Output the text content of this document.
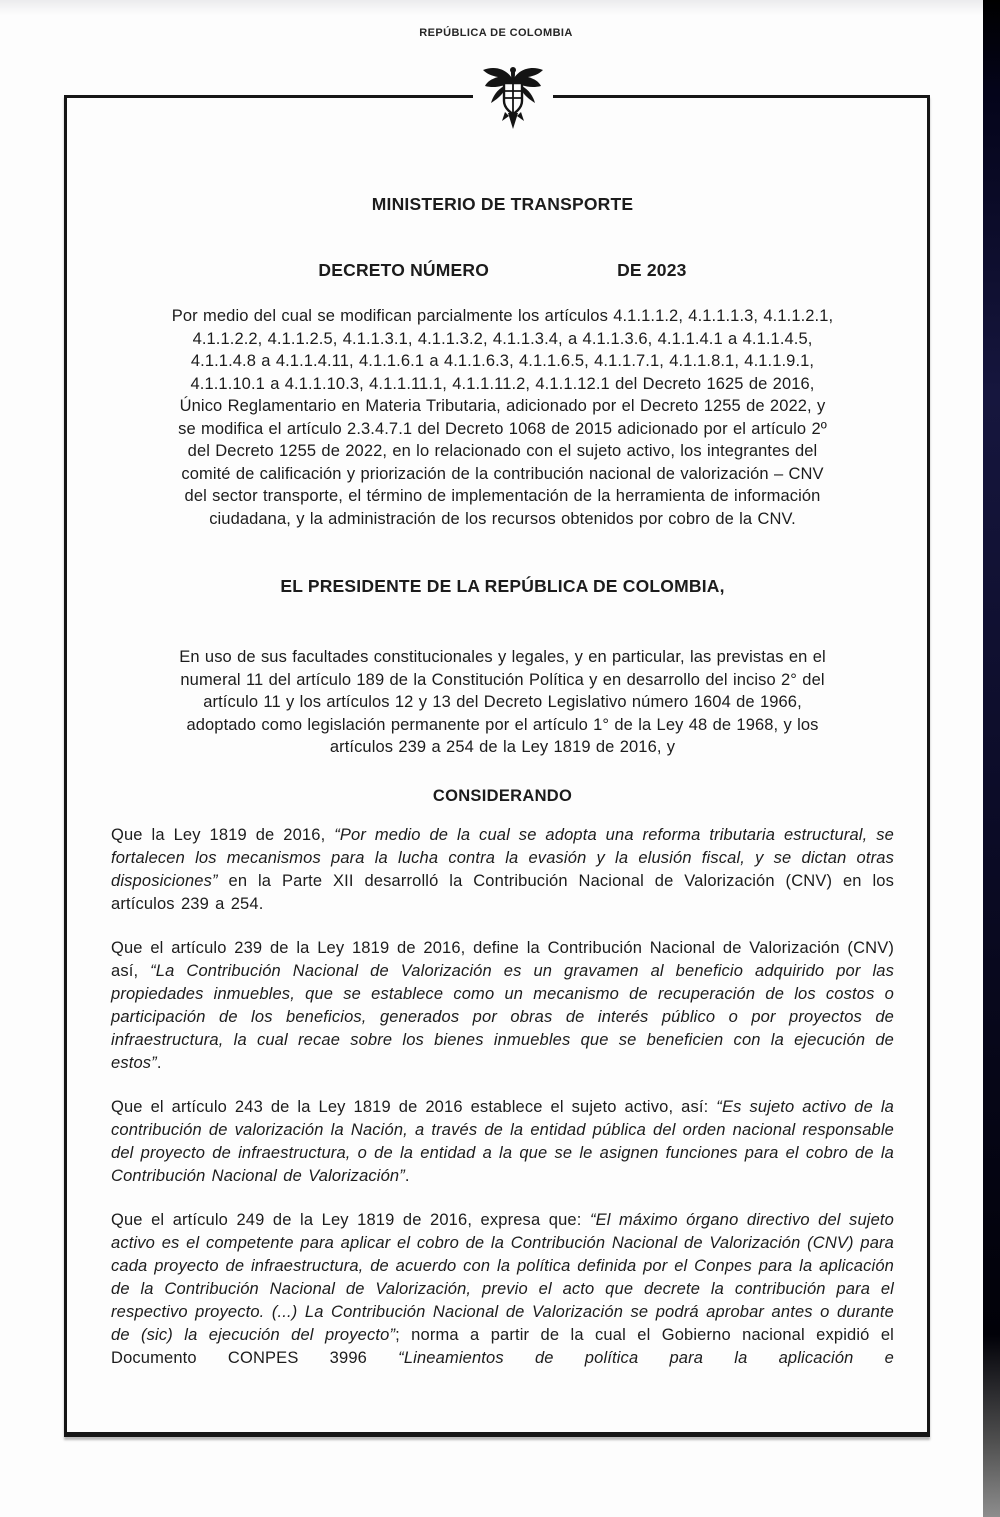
REPÚBLICA DE COLOMBIA
MINISTERIO DE TRANSPORTE
DECRETO NÚMERO	DE 2023

Por medio del cual se modifican parcialmente los artículos 4.1.1.1.2, 4.1.1.1.3, 4.1.1.2.1,
4.1.1.2.2, 4.1.1.2.5, 4.1.1.3.1, 4.1.1.3.2, 4.1.1.3.4, a 4.1.1.3.6, 4.1.1.4.1 a 4.1.1.4.5,
4.1.1.4.8 a 4.1.1.4.11, 4.1.1.6.1 a 4.1.1.6.3, 4.1.1.6.5, 4.1.1.7.1, 4.1.1.8.1, 4.1.1.9.1,
4.1.1.10.1 a 4.1.1.10.3, 4.1.1.11.1, 4.1.1.11.2, 4.1.1.12.1 del Decreto 1625 de 2016,
Único Reglamentario en Materia Tributaria, adicionado por el Decreto 1255 de 2022, y
se modifica el artículo 2.3.4.7.1 del Decreto 1068 de 2015 adicionado por el artículo 2º
del Decreto 1255 de 2022, en lo relacionado con el sujeto activo, los integrantes del
comité de calificación y priorización de la contribución nacional de valorización – CNV
del sector transporte, el término de implementación de la herramienta de información
ciudadana, y la administración de los recursos obtenidos por cobro de la CNV.

EL PRESIDENTE DE LA REPÚBLICA DE COLOMBIA,

En uso de sus facultades constitucionales y legales, y en particular, las previstas en el
numeral 11 del artículo 189 de la Constitución Política y en desarrollo del inciso 2° del
artículo 11 y los artículos 12 y 13 del Decreto Legislativo número 1604 de 1966,
adoptado como legislación permanente por el artículo 1° de la Ley 48 de 1968, y los
artículos 239 a 254 de la Ley 1819 de 2016, y

CONSIDERANDO

Que la Ley 1819 de 2016, “Por medio de la cual se adopta una reforma tributaria estructural, se fortalecen los mecanismos para la lucha contra la evasión y la elusión fiscal, y se dictan otras disposiciones” en la Parte XII desarrolló la Contribución Nacional de Valorización (CNV) en los artículos 239 a 254.

Que el artículo 239 de la Ley 1819 de 2016, define la Contribución Nacional de Valorización (CNV) así, “La Contribución Nacional de Valorización es un gravamen al beneficio adquirido por las propiedades inmuebles, que se establece como un mecanismo de recuperación de los costos o participación de los beneficios, generados por obras de interés público o por proyectos de infraestructura, la cual recae sobre los bienes inmuebles que se beneficien con la ejecución de estos”.

Que el artículo 243 de la Ley 1819 de 2016 establece el sujeto activo, así: “Es sujeto activo de la contribución de valorización la Nación, a través de la entidad pública del orden nacional responsable del proyecto de infraestructura, o de la entidad a la que se le asignen funciones para el cobro de la Contribución Nacional de Valorización”.

Que el artículo 249 de la Ley 1819 de 2016, expresa que: “El máximo órgano directivo del sujeto activo es el competente para aplicar el cobro de la Contribución Nacional de Valorización (CNV) para cada proyecto de infraestructura, de acuerdo con la política definida por el Conpes para la aplicación de la Contribución Nacional de Valorización, previo el acto que decrete la contribución para el respectivo proyecto. (...) La Contribución Nacional de Valorización se podrá aprobar antes o durante de (sic) la ejecución del proyecto”; norma a partir de la cual el Gobierno nacional expidió el Documento CONPES 3996 “Lineamientos de política para la aplicación e
